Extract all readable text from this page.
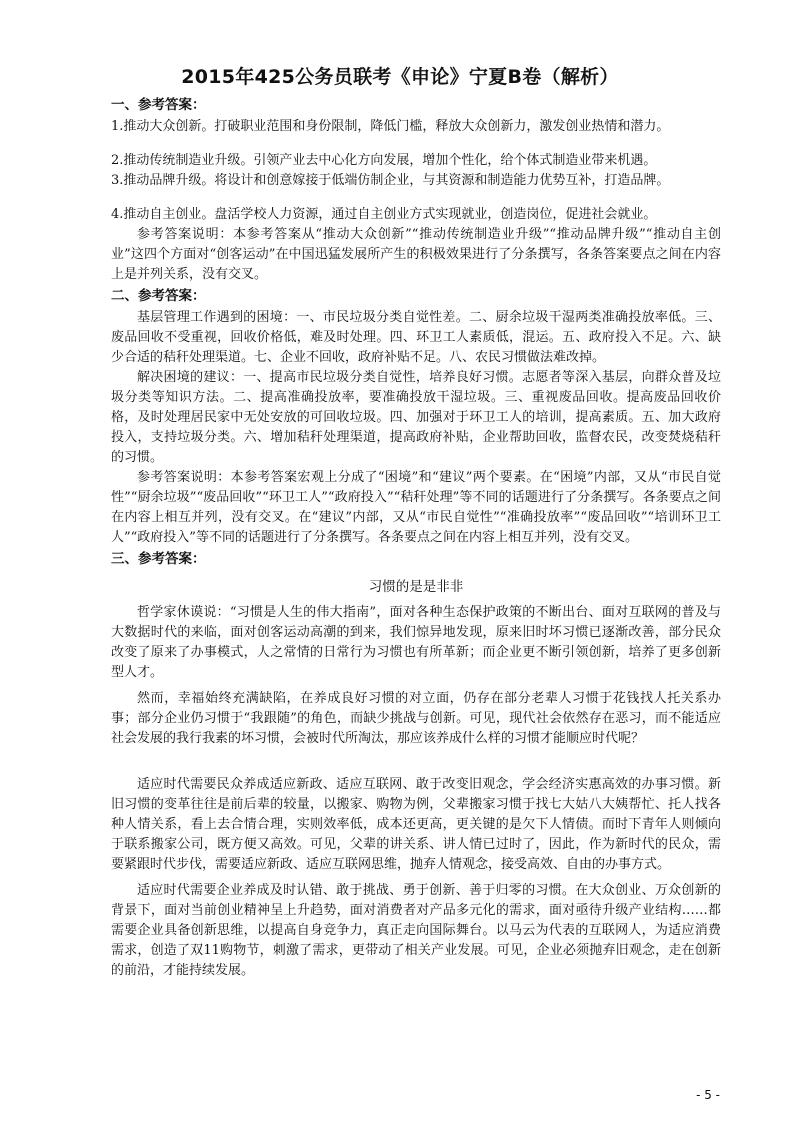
2015年425公务员联考《申论》宁夏B卷（解析）
一、参考答案：

1.推动大众创新。打破职业范围和身份限制，降低门槛，释放大众创新力，激发创业热情和潜力。

2.推动传统制造业升级。引领产业去中心化方向发展，增加个性化，给个体式制造业带来机遇。

3.推动品牌升级。将设计和创意嫁接于低端仿制企业，与其资源和制造能力优势互补，打造品牌。

4.推动自主创业。盘活学校人力资源，通过自主创业方式实现就业，创造岗位，促进社会就业。

参考答案说明：本参考答案从“推动大众创新”“推动传统制造业升级”“推动品牌升级”“推动自主创业”这四个方面对“创客运动”在中国迅猛发展所产生的积极效果进行了分条撰写，各条答案要点之间在内容上是并列关系，没有交叉。

二、参考答案：

基层管理工作遇到的困境：一、市民垃圾分类自觉性差。二、厨余垃圾干湿两类准确投放率低。三、废品回收不受重视，回收价格低，难及时处理。四、环卫工人素质低，混运。五、政府投入不足。六、缺少合适的秸秆处理渠道。七、企业不回收，政府补贴不足。八、农民习惯做法难改掉。

解决困境的建议：一、提高市民垃圾分类自觉性，培养良好习惯。志愿者等深入基层，向群众普及垃圾分类等知识方法。二、提高准确投放率，要准确投放干湿垃圾。三、重视废品回收。提高废品回收价格，及时处理居民家中无处安放的可回收垃圾。四、加强对于环卫工人的培训，提高素质。五、加大政府投入，支持垃圾分类。六、增加秸秆处理渠道，提高政府补贴，企业帮助回收，监督农民，改变焚烧秸秆的习惯。

参考答案说明：本参考答案宏观上分成了“困境”和“建议”两个要素。在“困境”内部，又从“市民自觉性”“厨余垃圾”“废品回收”“环卫工人”“政府投入”“秸秆处理”等不同的话题进行了分条撰写。各条要点之间在内容上相互并列，没有交叉。在“建议”内部，又从“市民自觉性”“准确投放率”“废品回收”“培训环卫工人”“政府投入”等不同的话题进行了分条撰写。各条要点之间在内容上相互并列，没有交叉。

三、参考答案：
习惯的是是非非

哲学家休谟说：“习惯是人生的伟大指南”，面对各种生态保护政策的不断出台、面对互联网的普及与大数据时代的来临，面对创客运动高潮的到来，我们惊异地发现，原来旧时坏习惯已逐渐改善，部分民众改变了原来了办事模式，人之常情的日常行为习惯也有所革新；而企业更不断引领创新，培养了更多创新型人才。

然而，幸福始终充满缺陷，在养成良好习惯的对立面，仍存在部分老辈人习惯于花钱找人托关系办事；部分企业仍习惯于“我跟随”的角色，而缺少挑战与创新。可见，现代社会依然存在恶习，而不能适应社会发展的我行我素的坏习惯，会被时代所淘汰，那应该养成什么样的习惯才能顺应时代呢？

适应时代需要民众养成适应新政、适应互联网、敢于改变旧观念，学会经济实惠高效的办事习惯。新旧习惯的变革往往是前后辈的较量，以搬家、购物为例，父辈搬家习惯于找七大姑八大姨帮忙、托人找各种人情关系，看上去合情合理，实则效率低，成本还更高，更关键的是欠下人情债。而时下青年人则倾向于联系搬家公司，既方便又高效。可见，父辈的讲关系、讲人情已过时了，因此，作为新时代的民众，需要紧跟时代步伐，需要适应新政、适应互联网思维，抛弃人情观念，接受高效、自由的办事方式。

适应时代需要企业养成及时认错、敢于挑战、勇于创新、善于归零的习惯。在大众创业、万众创新的背景下，面对当前创业精神呈上升趋势，面对消费者对产品多元化的需求，面对亟待升级产业结构……都需要企业具备创新思维，以提高自身竞争力，真正走向国际舞台。以马云为代表的互联网人，为适应消费需求，创造了双11购物节，刺激了需求，更带动了相关产业发展。可见，企业必须抛弃旧观念，走在创新的前沿，才能持续发展。

- 5 -
